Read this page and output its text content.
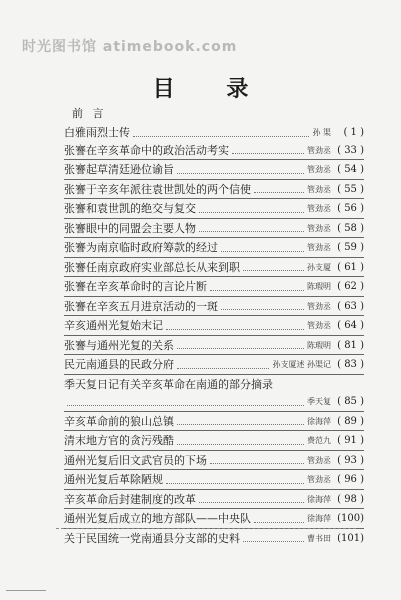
时光图书馆 atimebook.com
目 录
前 言
白雅雨烈士传	孙 渠	( 1 )
张謇在辛亥革命中的政治活动考实	管劲丞 ( 33 )
张謇起草清廷逊位谕旨	管劲丞 ( 54 )
张謇于辛亥年派往袁世凯处的两个信使	管劲丞 ( 55 )
张謇和袁世凯的绝交与复交	管劲丞 ( 56 )
张謇眼中的同盟会主要人物	管劲丞 ( 58 )
张謇为南京临时政府筹款的经过	管劲丞 ( 59 )
张謇任南京政府实业部总长从来到职	孙支厦 ( 61 )
张謇在辛亥革命时的言论片断	陈瑕明 ( 62 )
张謇在辛亥五月进京活动的一斑	管劲丞 ( 63 )
辛亥通州光复始末记	管劲丞 ( 64 )
张謇与通州光复的关系	陈瑕明 ( 81 )
民元南通县的民政分府	孙支厦述 孙渠记 ( 83 )
季天复日记有关辛亥革命在南通的部分摘录
季天复 ( 85 )
辛亥革命前的狼山总镇	徐海萍 ( 89 )
清末地方官的贪污残酷	费范九 ( 91 )
通州光复后旧文武官员的下场	管劲丞 ( 93 )
通州光复后革除陋规	管劲丞 ( 96 )
辛亥革命后封建制度的改革	徐海萍 ( 98 )
通州光复后成立的地方部队——中央队	徐海萍 (100)
关于民国统一党南通县分支部的史料	曹书田 (101)
